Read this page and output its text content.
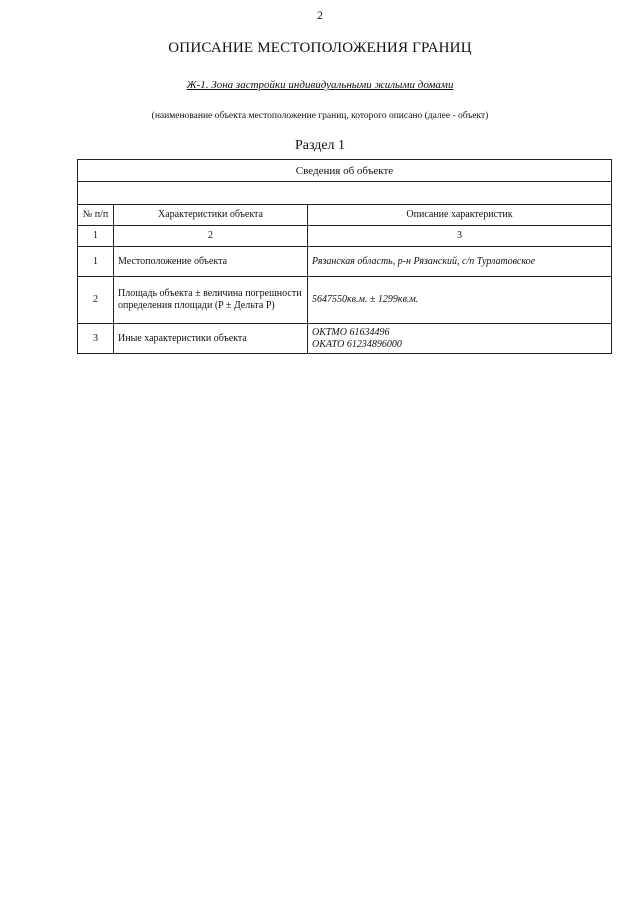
2
ОПИСАНИЕ МЕСТОПОЛОЖЕНИЯ ГРАНИЦ
Ж-1. Зона застройки индивидуальными жилыми домами
(наименование объекта местоположение границ, которого описано (далее - объект)
Раздел 1
Сведения об объекте		

№ п/п	Характеристики объекта	Описание характеристик
1	2	3
1	Местоположение объекта	Рязанская область, р-н Рязанский, с/п Турлатовское
2	Площадь объекта ± величина погрешности определения площади (P ± Дельта P)	5647550кв.м. ± 1299кв.м.
3	Иные характеристики объекта	ОКТМО 61634496
ОКАТО 61234896000
